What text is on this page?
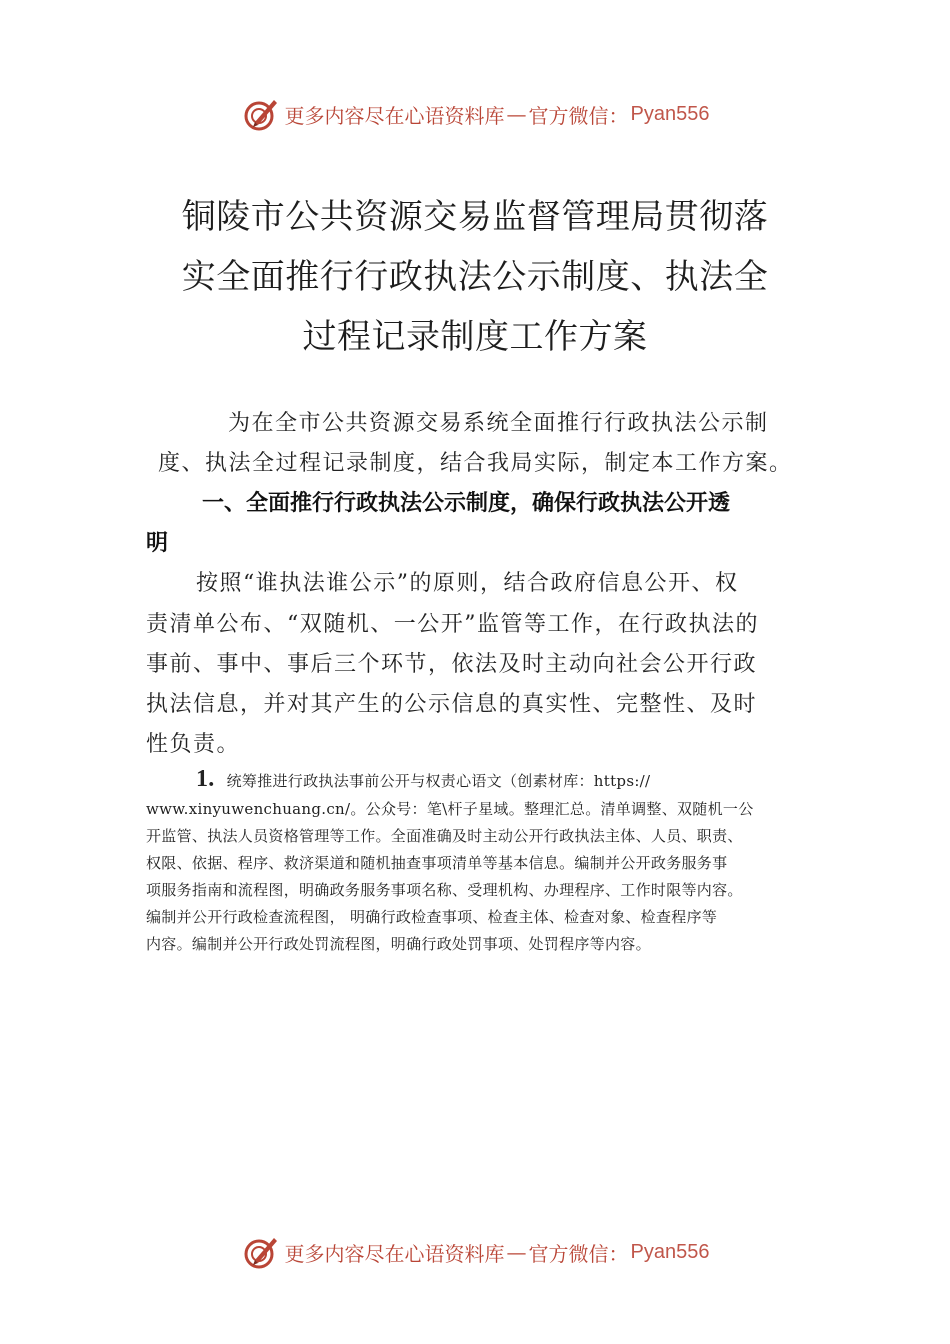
更多内容尽在心语资料库 — 官方微信： Pyan556
铜陵市公共资源交易监督管理局贯彻落
实全面推行行政执法公示制度、执法全
过程记录制度工作方案
为在全市公共资源交易系统全面推行行政执法公示制
度、执法全过程记录制度，结合我局实际，制定本工作方案。
一、全面推行行政执法公示制度，确保行政执法公开透
明
按照“谁执法谁公示”的原则，结合政府信息公开、权
责清单公布、“双随机、一公开”监管等工作，在行政执法的
事前、事中、事后三个环节，依法及时主动向社会公开行政
执法信息，并对其产生的公示信息的真实性、完整性、及时
性负责。
1. 统筹推进行政执法事前公开与权责心语文（创素材库：https://
www.xinyuwenchuang.cn/。公众号：笔\杆子星域。整理汇总。清单调整、双随机一公
开监管、执法人员资格管理等工作。全面准确及时主动公开行政执法主体、人员、职责、
权限、依据、程序、救济渠道和随机抽查事项清单等基本信息。编制并公开政务服务事
项服务指南和流程图，明确政务服务事项名称、受理机构、办理程序、工作时限等内容。
编制并公开行政检查流程图， 明确行政检查事项、检查主体、检查对象、检查程序等
内容。编制并公开行政处罚流程图，明确行政处罚事项、处罚程序等内容。
更多内容尽在心语资料库 — 官方微信： Pyan556
